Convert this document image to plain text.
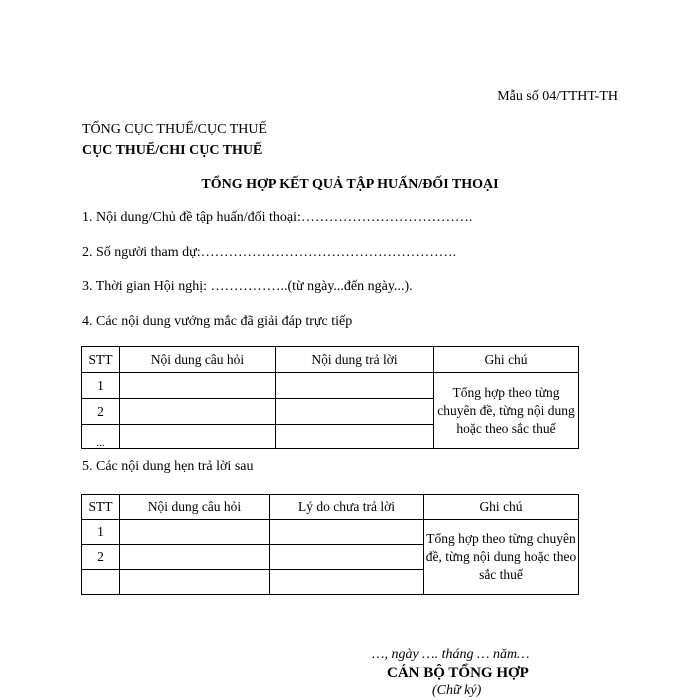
Mẫu số 04/TTHT-TH
TỔNG CỤC THUẾ/CỤC THUẾ
CỤC THUẾ/CHI CỤC THUẾ
TỔNG HỢP KẾT QUẢ TẬP HUẤN/ĐỐI THOẠI
1. Nội dung/Chủ đề tập huấn/đối thoại:……………………………….
2. Số người tham dự:……………………………………………….
3. Thời gian Hội nghị: ……………..(từ ngày...đến ngày...).
4. Các nội dung vướng mắc đã giải đáp trực tiếp
STT	Nội dung câu hỏi	Nội dung trả lời	Ghi chú
1			Tổng hợp theo từng chuyên đề, từng nội dung hoặc theo sắc thuế
2			
...			
5. Các nội dung hẹn trả lời sau
STT	Nội dung câu hỏi	Lý do chưa trả lời	Ghi chú
1			Tổng hợp theo từng chuyên đề, từng nội dung hoặc theo sắc thuế
2			

…, ngày …. tháng … năm…
CÁN BỘ TỔNG HỢP
(Chữ ký)
